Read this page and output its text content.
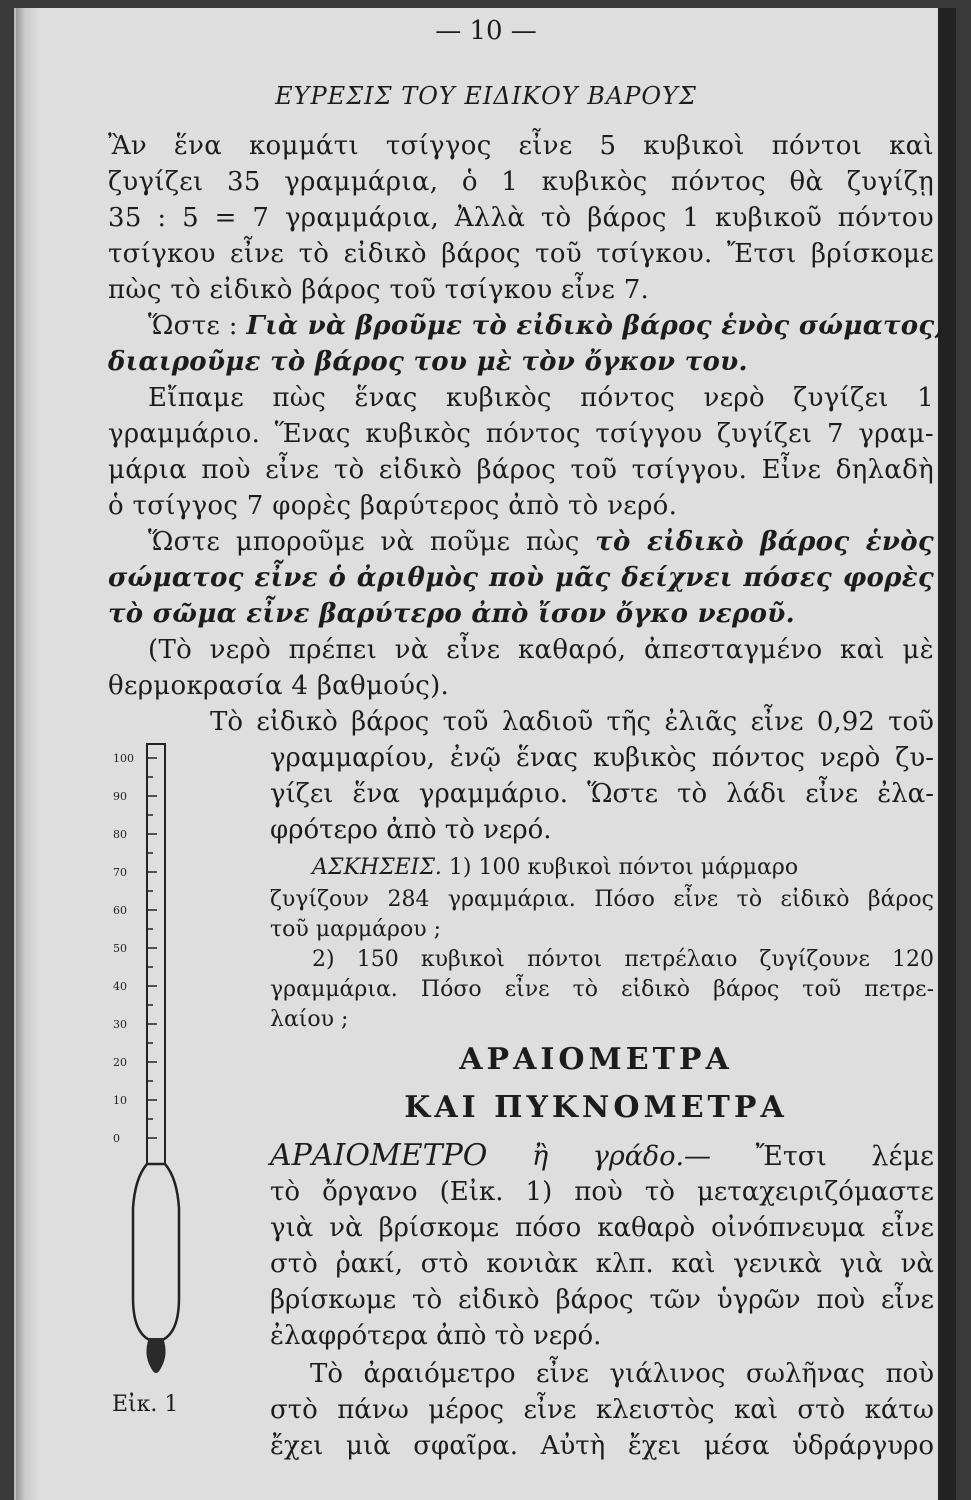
— 10 —
ΕΥΡΕΣΙΣ ΤΟΥ ΕΙΔΙΚΟΥ ΒΑΡΟΥΣ
Ἂν ἕνα κομμάτι τσίγγος εἶνε 5 κυβικοὶ πόντοι καὶ
ζυγίζει 35 γραμμάρια, ὁ 1 κυβικὸς πόντος θὰ ζυγίζῃ
35 : 5 = 7 γραμμάρια, Ἀλλὰ τὸ βάρος 1 κυβικοῦ πόντου
τσίγκου εἶνε τὸ εἰδικὸ βάρος τοῦ τσίγκου. Ἔτσι βρίσκομε
πὼς τὸ εἰδικὸ βάρος τοῦ τσίγκου εἶνε 7.
Ὥστε : Γιὰ νὰ βροῦμε τὸ εἰδικὸ βάρος ἑνὸς σώματος,
διαιροῦμε τὸ βάρος του μὲ τὸν ὄγκον του.
Εἴπαμε πὼς ἕνας κυβικὸς πόντος νερὸ ζυγίζει 1
γραμμάριο. Ἕνας κυβικὸς πόντος τσίγγου ζυγίζει 7 γραμ-
μάρια ποὺ εἶνε τὸ εἰδικὸ βάρος τοῦ τσίγγου. Εἶνε δηλαδὴ
ὁ τσίγγος 7 φορὲς βαρύτερος ἀπὸ τὸ νερό.
Ὥστε μποροῦμε νὰ ποῦμε πὼς τὸ εἰδικὸ βάρος ἑνὸς
σώματος εἶνε ὁ ἀριθμὸς ποὺ μᾶς δείχνει πόσες φορὲς
τὸ σῶμα εἶνε βαρύτερο ἀπὸ ἴσον ὄγκο νεροῦ.
(Τὸ νερὸ πρέπει νὰ εἶνε καθαρό, ἀπεσταγμένο καὶ μὲ
θερμοκρασία 4 βαθμούς).
Τὸ εἰδικὸ βάρος τοῦ λαδιοῦ τῆς ἐλιᾶς εἶνε 0,92 τοῦ
γραμμαρίου, ἐνῷ ἕνας κυβικὸς πόντος νερὸ ζυ-
γίζει ἕνα γραμμάριο. Ὥστε τὸ λάδι εἶνε ἐλα-
φρότερο ἀπὸ τὸ νερό.
ΑΣΚΗΣΕΙΣ. 1) 100 κυβικοὶ πόντοι μάρμαρο
ζυγίζουν 284 γραμμάρια. Πόσο εἶνε τὸ εἰδικὸ βάρος
τοῦ μαρμάρου ;
2) 150 κυβικοὶ πόντοι πετρέλαιο ζυγίζουνε 120
γραμμάρια. Πόσο εἶνε τὸ εἰδικὸ βάρος τοῦ πετρε-
λαίου ;
ΑΡΑΙΟΜΕΤΡΑ
ΚΑΙ ΠΥΚΝΟΜΕΤΡΑ
ΑΡΑΙΟΜΕΤΡΟ ἢ γράδο.— Ἔτσι λέμε
τὸ ὄργανο (Εἰκ. 1) ποὺ τὸ μεταχειριζόμαστε
γιὰ νὰ βρίσκομε πόσο καθαρὸ οἰνόπνευμα εἶνε
στὸ ῥακί, στὸ κονιὰκ κλπ. καὶ γενικὰ γιὰ νὰ
βρίσκωμε τὸ εἰδικὸ βάρος τῶν ὑγρῶν ποὺ εἶνε
ἐλαφρότερα ἀπὸ τὸ νερό.
Τὸ ἀραιόμετρο εἶνε γιάλινος σωλῆνας ποὺ
στὸ πάνω μέρος εἶνε κλειστὸς καὶ στὸ κάτω
ἔχει μιὰ σφαῖρα. Αὐτὴ ἔχει μέσα ὑδράργυρο
100
90
80
70
60
50
40
30
20
10
0
Εἰκ. 1
